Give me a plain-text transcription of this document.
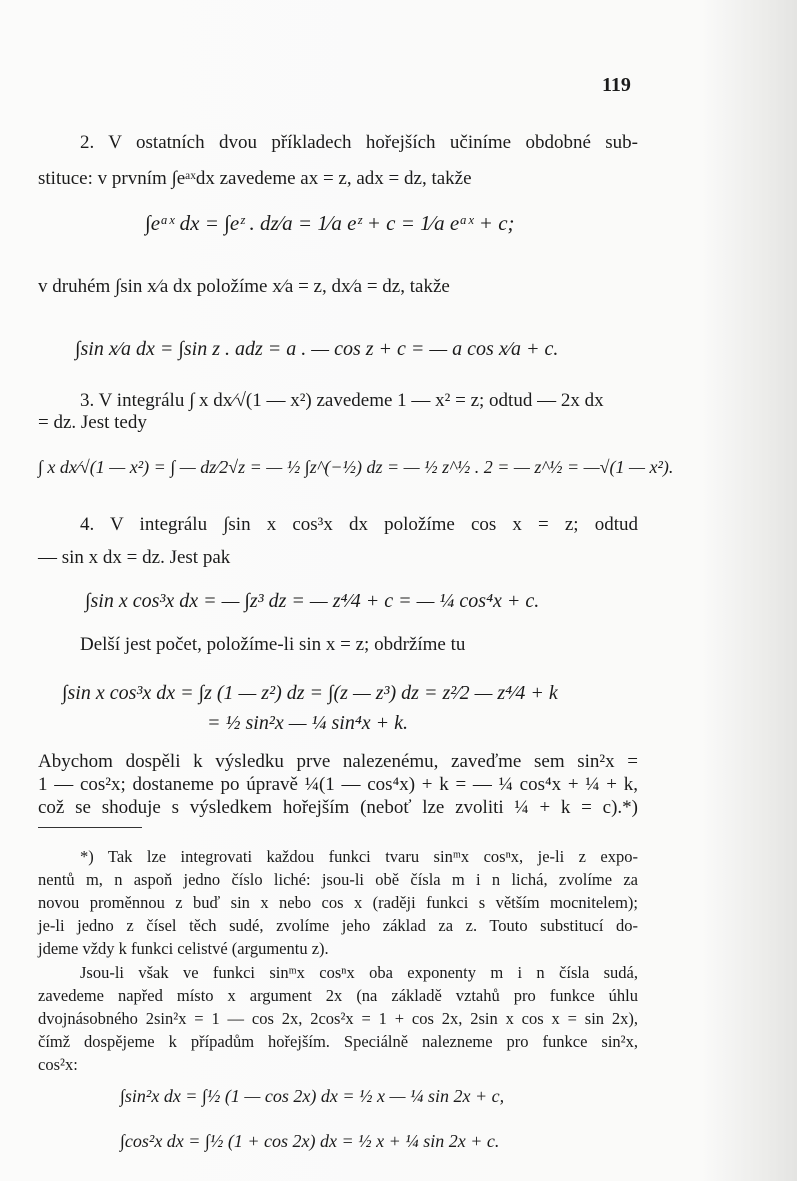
119
2. V ostatních dvou příkladech hořejších učiníme obdobné sub-
stituce: v prvním ∫eᵃˣdx zavedeme ax = z, adx = dz, takže
∫eᵃˣ dx = ∫eᶻ . dz⁄a = 1⁄a eᶻ + c = 1⁄a eᵃˣ + c;
v druhém ∫sin x⁄a dx položíme x⁄a = z, dx⁄a = dz, takže
∫sin x⁄a dx = ∫sin z . adz = a . — cos z + c = — a cos x⁄a + c.
3. V integrálu ∫ x dx⁄√(1 — x²) zavedeme 1 — x² = z; odtud — 2x dx
= dz. Jest tedy
∫ x dx⁄√(1 — x²) = ∫ — dz⁄2√z = — ½ ∫z^(−½) dz = — ½ z^½ . 2 = — z^½ = —√(1 — x²).
4. V integrálu ∫sin x cos³x dx položíme cos x = z; odtud
— sin x dx = dz. Jest pak
∫sin x cos³x dx = — ∫z³ dz = — z⁴⁄4 + c = — ¼ cos⁴x + c.
Delší jest počet, položíme-li sin x = z; obdržíme tu
∫sin x cos³x dx = ∫z (1 — z²) dz = ∫(z — z³) dz = z²⁄2 — z⁴⁄4 + k
= ½ sin²x — ¼ sin⁴x + k.
Abychom dospěli k výsledku prve nalezenému, zaveďme sem sin²x =
1 — cos²x; dostaneme po úpravě ¼(1 — cos⁴x) + k = — ¼ cos⁴x + ¼ + k,
což se shoduje s výsledkem hořejším (neboť lze zvoliti ¼ + k = c).*)
*) Tak lze integrovati každou funkci tvaru sinᵐx cosⁿx, je-li z expo-
nentů m, n aspoň jedno číslo liché: jsou-li obě čísla m i n lichá, zvolíme za
novou proměnnou z buď sin x nebo cos x (raději funkci s větším mocnitelem);
je-li jedno z čísel těch sudé, zvolíme jeho základ za z. Touto substitucí do-
jdeme vždy k funkci celistvé (argumentu z).
Jsou-li však ve funkci sinᵐx cosⁿx oba exponenty m i n čísla sudá,
zavedeme napřed místo x argument 2x (na základě vztahů pro funkce úhlu
dvojnásobného 2sin²x = 1 — cos 2x, 2cos²x = 1 + cos 2x, 2sin x cos x = sin 2x),
čímž dospějeme k případům hořejším. Speciálně nalezneme pro funkce sin²x,
cos²x:
∫sin²x dx = ∫½ (1 — cos 2x) dx = ½ x — ¼ sin 2x + c,
∫cos²x dx = ∫½ (1 + cos 2x) dx = ½ x + ¼ sin 2x + c.
